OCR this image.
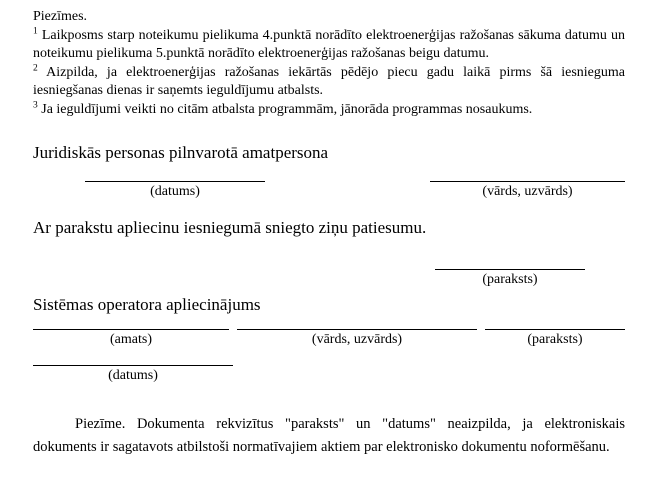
Piezīmes.

$^1$ Laikposms starp noteikumu pielikuma 4.punktā norādīto elektroenerģijas ražošanas sākuma datumu un noteikumu pielikuma 5.punktā norādīto elektroenerģijas ražošanas beigu datumu.

$^2$ Aizpilda, ja elektroenerģijas ražošanas iekārtās pēdējo piecu gadu laikā pirms šā iesnieguma iesniegšanas dienas ir saņemts ieguldījumu atbalsts.

$^3$ Ja ieguldījumi veikti no citām atbalsta programmām, jānorāda programmas nosaukums.

Juridiskās personas pilnvarotā amatpersona

(datums)	(vārds, uzvārds)

Ar parakstu apliecinu iesniegumā sniegto ziņu patiesumu.

(paraksts)

Sistēmas operatora apliecinājums

(amats)	(vārds, uzvārds)	(paraksts)
(datums)

Piezīme. Dokumenta rekvizītus "paraksts" un "datums" neaizpilda, ja elektroniskais dokuments ir sagatavots atbilstoši normatīvajiem aktiem par elektronisko dokumentu noformēšanu.
